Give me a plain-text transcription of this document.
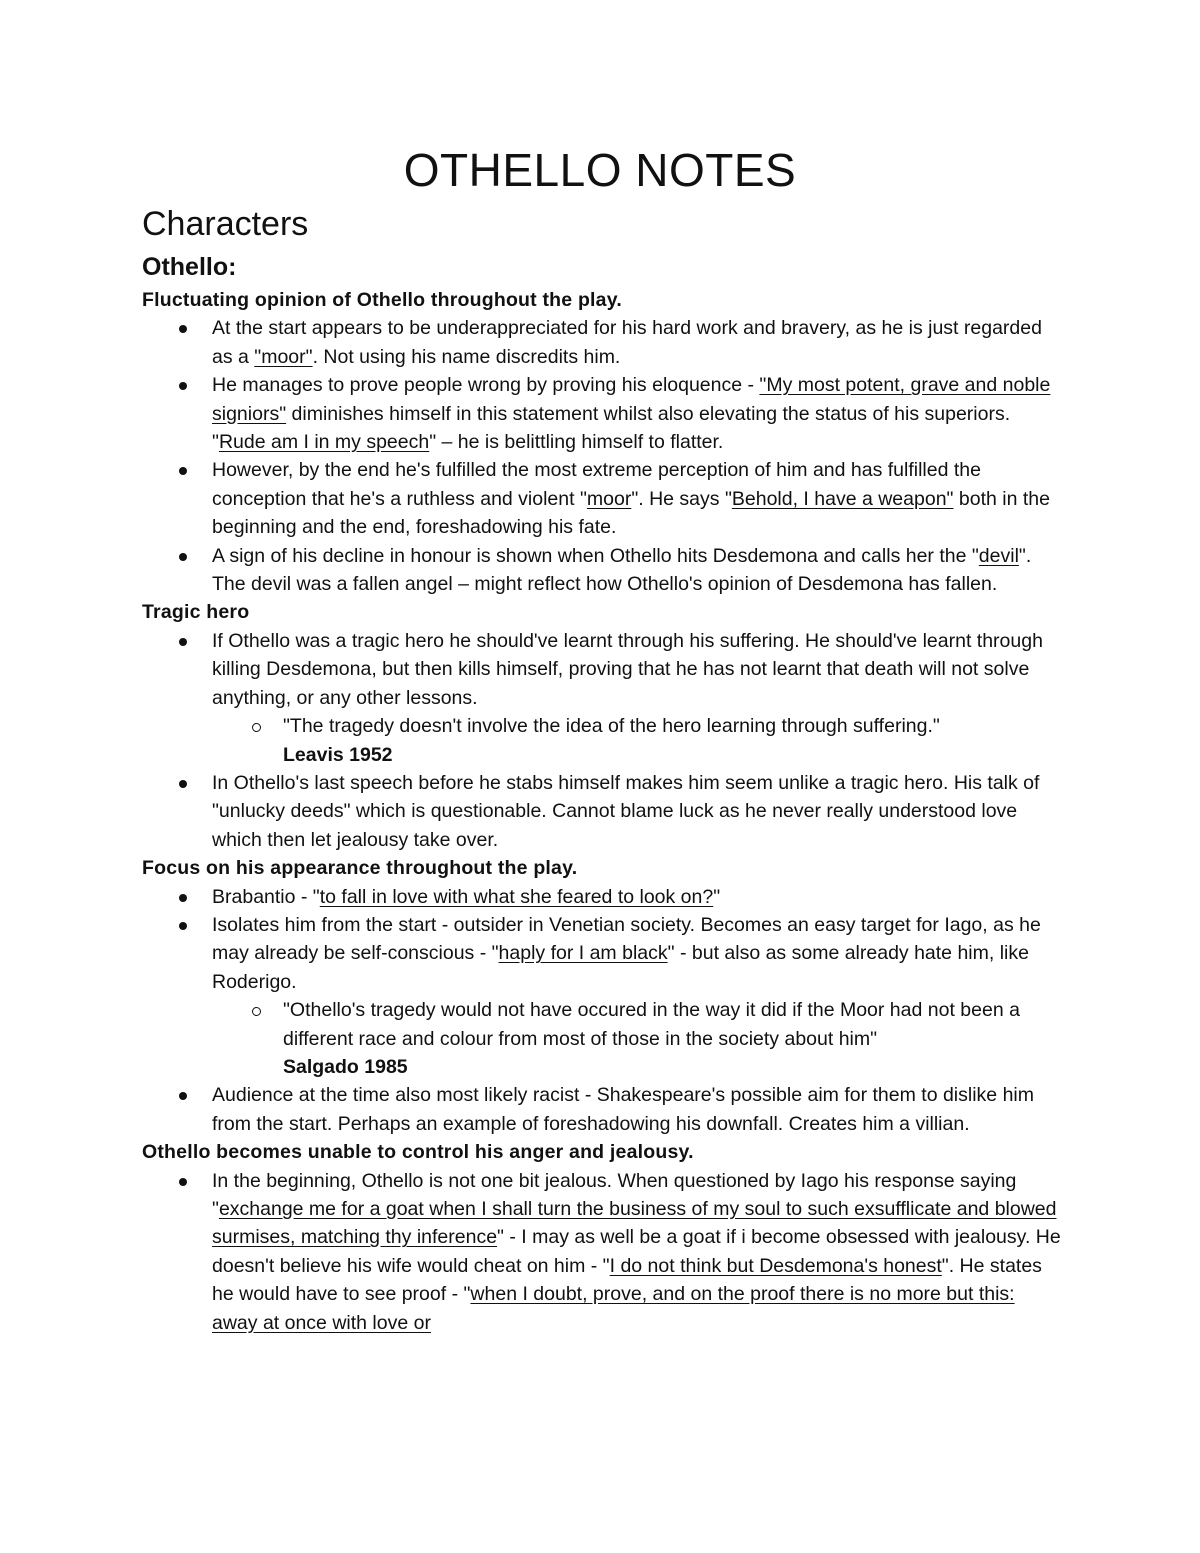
OTHELLO NOTES
Characters
Othello:

Fluctuating opinion of Othello throughout the play.

At the start appears to be underappreciated for his hard work and bravery, as he is just regarded as a "moor". Not using his name discredits him.
He manages to prove people wrong by proving his eloquence - "My most potent, grave and noble signiors" diminishes himself in this statement whilst also elevating the status of his superiors. "Rude am I in my speech" – he is belittling himself to flatter.
However, by the end he's fulfilled the most extreme perception of him and has fulfilled the conception that he's a ruthless and violent "moor". He says "Behold, I have a weapon" both in the beginning and the end, foreshadowing his fate.
A sign of his decline in honour is shown when Othello hits Desdemona and calls her the "devil". The devil was a fallen angel – might reflect how Othello's opinion of Desdemona has fallen.

Tragic hero

If Othello was a tragic hero he should've learnt through his suffering. He should've learnt through killing Desdemona, but then kills himself, proving that he has not learnt that death will not solve anything, or any other lessons.
"The tragedy doesn't involve the idea of the hero learning through suffering."
Leavis 1952
In Othello's last speech before he stabs himself makes him seem unlike a tragic hero. His talk of "unlucky deeds" which is questionable. Cannot blame luck as he never really understood love which then let jealousy take over.

Focus on his appearance throughout the play.

Brabantio - "to fall in love with what she feared to look on?"
Isolates him from the start - outsider in Venetian society. Becomes an easy target for Iago, as he may already be self-conscious - "haply for I am black" - but also as some already hate him, like Roderigo.
"Othello's tragedy would not have occured in the way it did if the Moor had not been a different race and colour from most of those in the society about him"
Salgado 1985
Audience at the time also most likely racist - Shakespeare's possible aim for them to dislike him from the start. Perhaps an example of foreshadowing his downfall. Creates him a villian.

Othello becomes unable to control his anger and jealousy.

In the beginning, Othello is not one bit jealous. When questioned by Iago his response saying "exchange me for a goat when I shall turn the business of my soul to such exsufflicate and blowed surmises, matching thy inference" - I may as well be a goat if i become obsessed with jealousy. He doesn't believe his wife would cheat on him - "I do not think but Desdemona's honest". He states he would have to see proof - "when I doubt, prove, and on the proof there is no more but this: away at once with love or
